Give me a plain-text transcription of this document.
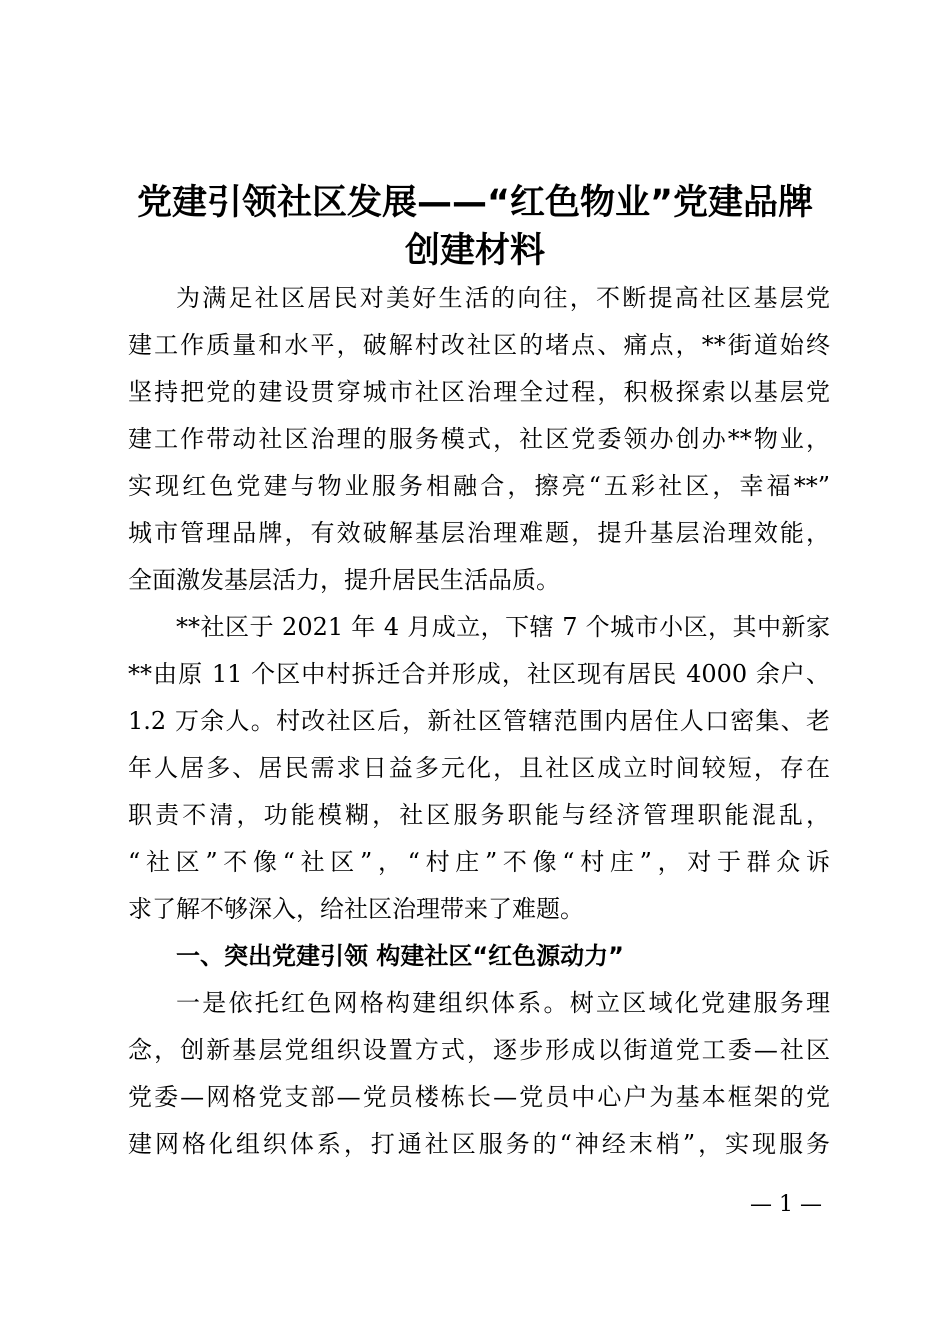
党建引领社区发展——“红色物业”党建品牌
创建材料

为满足社区居民对美好生活的向往，不断提高社区基层党

建工作质量和水平，破解村改社区的堵点、痛点，**街道始终

坚持把党的建设贯穿城市社区治理全过程，积极探索以基层党

建工作带动社区治理的服务模式，社区党委领办创办**物业，

实现红色党建与物业服务相融合，擦亮“五彩社区，幸福**”

城市管理品牌，有效破解基层治理难题，提升基层治理效能，

全面激发基层活力，提升居民生活品质。

**社区于 2021 年 4 月成立，下辖 7 个城市小区，其中新家

**由原 11 个区中村拆迁合并形成，社区现有居民 4000 余户、

1.2 万余人。村改社区后，新社区管辖范围内居住人口密集、老

年人居多、居民需求日益多元化，且社区成立时间较短，存在

职责不清，功能模糊，社区服务职能与经济管理职能混乱，

“社区”不像“社区”，“村庄”不像“村庄”，对于群众诉

求了解不够深入，给社区治理带来了难题。

一、突出党建引领 构建社区“红色源动力”

一是依托红色网格构建组织体系。树立区域化党建服务理

念，创新基层党组织设置方式，逐步形成以街道党工委—社区

党委—网格党支部—党员楼栋长—党员中心户为基本框架的党

建网格化组织体系，打通社区服务的“神经末梢”，实现服务

— 1 —
